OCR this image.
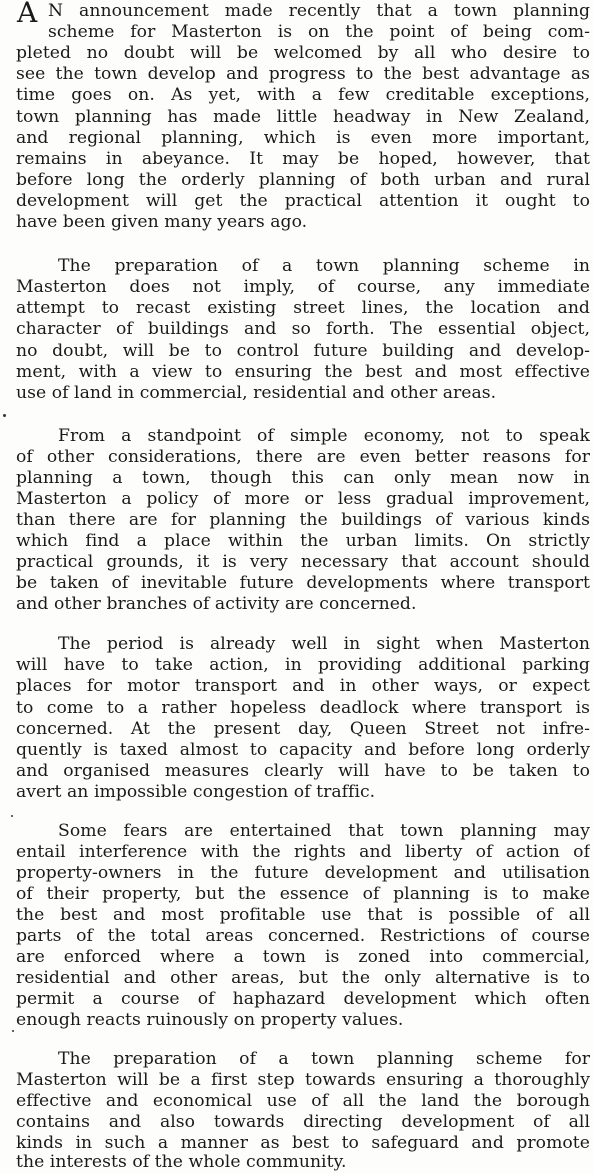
A N announcement made recently that a town planning
scheme for Masterton is on the point of being com-
pleted no doubt will be welcomed by all who desire to
see the town develop and progress to the best advantage as
time goes on. As yet, with a few creditable exceptions,
town planning has made little headway in New Zealand,
and regional planning, which is even more important,
remains in abeyance. It may be hoped, however, that
before long the orderly planning of both urban and rural
development will get the practical attention it ought to
have been given many years ago.
The preparation of a town planning scheme in
Masterton does not imply, of course, any immediate
attempt to recast existing street lines, the location and
character of buildings and so forth. The essential object,
no doubt, will be to control future building and develop-
ment, with a view to ensuring the best and most effective
use of land in commercial, residential and other areas.
From a standpoint of simple economy, not to speak
of other considerations, there are even better reasons for
planning a town, though this can only mean now in
Masterton a policy of more or less gradual improvement,
than there are for planning the buildings of various kinds
which find a place within the urban limits. On strictly
practical grounds, it is very necessary that account should
be taken of inevitable future developments where transport
and other branches of activity are concerned.
The period is already well in sight when Masterton
will have to take action, in providing additional parking
places for motor transport and in other ways, or expect
to come to a rather hopeless deadlock where transport is
concerned. At the present day, Queen Street not infre-
quently is taxed almost to capacity and before long orderly
and organised measures clearly will have to be taken to
avert an impossible congestion of traffic.
Some fears are entertained that town planning may
entail interference with the rights and liberty of action of
property-owners in the future development and utilisation
of their property, but the essence of planning is to make
the best and most profitable use that is possible of all
parts of the total areas concerned. Restrictions of course
are enforced where a town is zoned into commercial,
residential and other areas, but the only alternative is to
permit a course of haphazard development which often
enough reacts ruinously on property values.
The preparation of a town planning scheme for
Masterton will be a first step towards ensuring a thoroughly
effective and economical use of all the land the borough
contains and also towards directing development of all
kinds in such a manner as best to safeguard and promote
the interests of the whole community.
